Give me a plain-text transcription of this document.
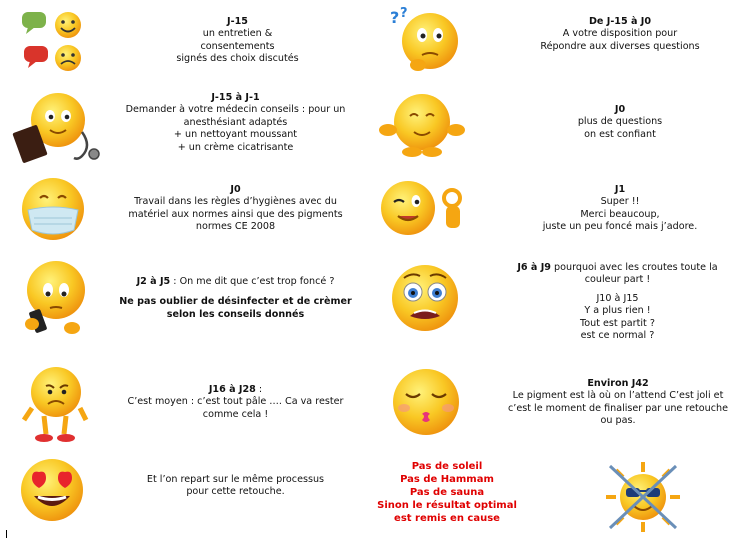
J-15
un entretien &
consentements
signés des choix discutés
? ?
De J-15 à J0
A votre disposition pour
Répondre aux diverses questions
J-15 à J-1
Demander à votre médecin conseils : pour un
anesthésiant adaptés
+ un nettoyant moussant
+ un crème cicatrisante
J0
plus de questions
on est confiant
J0
Travail dans les règles d’hygiènes avec du
matériel aux normes ainsi que des pigments
normes CE 2008
J1
Super !!
Merci beaucoup,
juste un peu foncé mais j’adore.
J2 à J5 : On me dit que c’est trop foncé ?
Ne pas oublier de désinfecter et de crèmer
selon les conseils donnés
J6 à J9 pourquoi avec les croutes toute la
couleur part !
J10 à J15
Y a plus rien !
Tout est partit ?
est ce normal ?
J16 à J28 :
C’est moyen : c’est tout pâle …. Ca va rester
comme cela !
Environ J42
Le pigment est là où on l’attend C’est joli et
c’est le moment de finaliser par une retouche
ou pas.
Et l’on repart sur le même processus
pour cette retouche.
Pas de soleil
Pas de Hammam
Pas de sauna
Sinon le résultat optimal
est remis en cause
